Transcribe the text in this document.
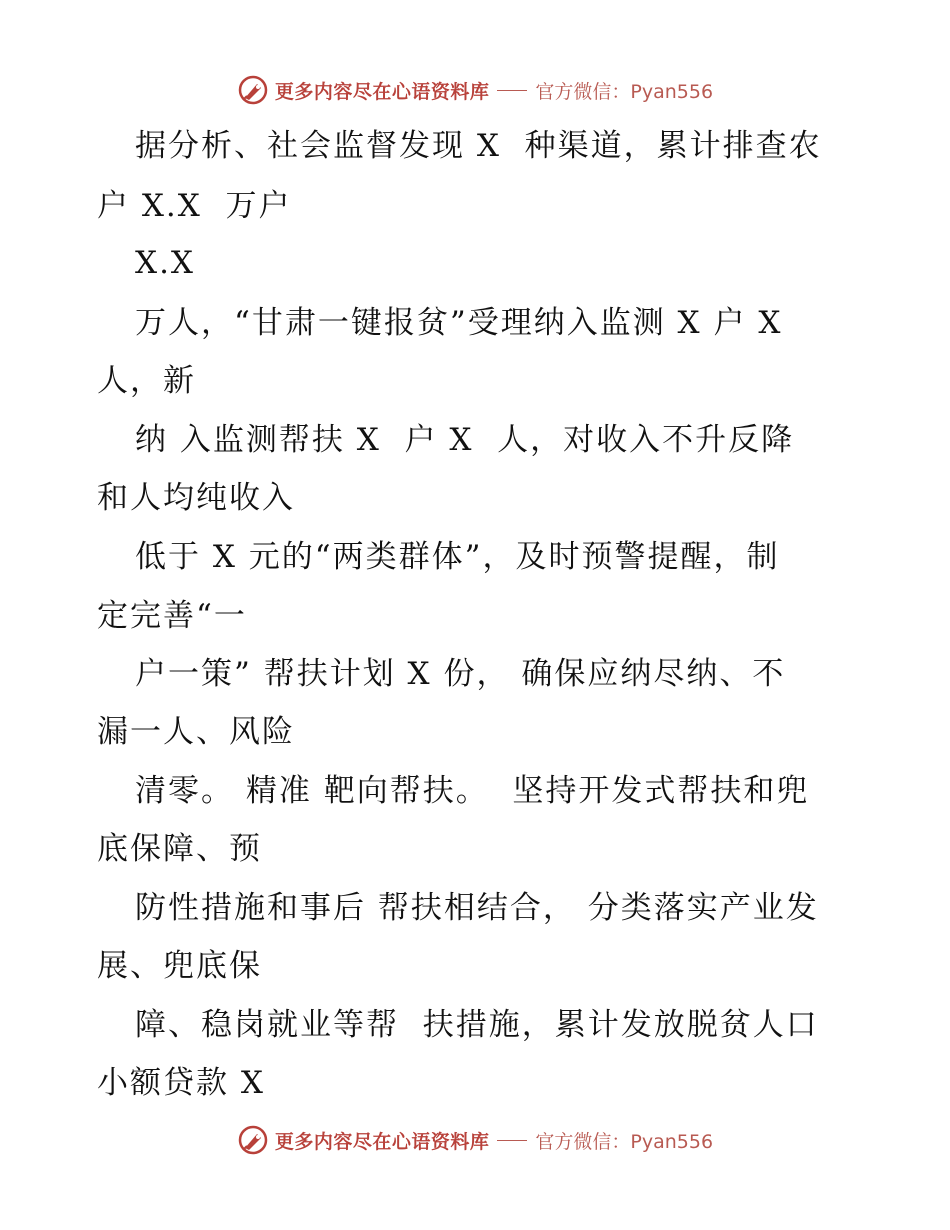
更多内容尽在心语资料库 官方微信：Pyan556
据分析、社会监督发现 X  种渠道，累计排查农
户 X.X  万户
X.X
万人，“甘肃一键报贫”受理纳入监测 X 户 X
人，新
纳 入监测帮扶 X  户 X  人，对收入不升反降
和人均纯收入
低于 X 元的“两类群体”，及时预警提醒，制
定完善“一
户一策” 帮扶计划 X 份， 确保应纳尽纳、不
漏一人、风险
清零。 精准 靶向帮扶。  坚持开发式帮扶和兜
底保障、预
防性措施和事后 帮扶相结合， 分类落实产业发
展、兜底保
障、稳岗就业等帮  扶措施，累计发放脱贫人口
小额贷款 X
更多内容尽在心语资料库 官方微信：Pyan556
